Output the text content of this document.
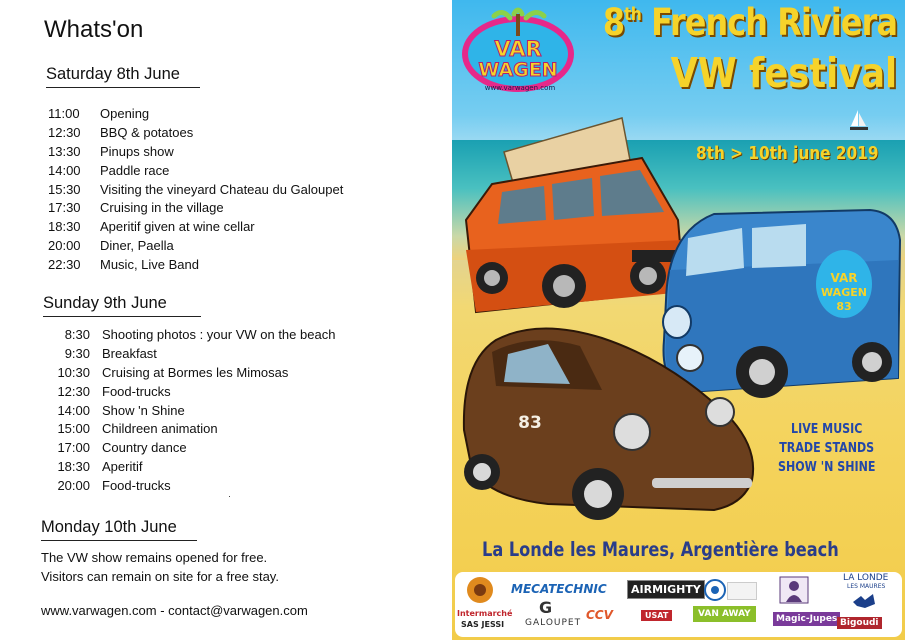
Whats'on
Saturday 8th June
11:00	Opening
12:30	BBQ & potatoes
13:30	Pinups show
14:00	Paddle race
15:30	Visiting the vineyard Chateau du Galoupet
17:30	Cruising in the village
18:30	Aperitif given at wine cellar
20:00	Diner, Paella
22:30	Music, Live Band
Sunday 9th June
8:30 Shooting photos : your VW on the beach
9:30 Breakfast
10:30 Cruising at Bormes les Mimosas
12:30 Food-trucks
14:00 Show 'n Shine
15:00 Childreen animation
17:00 Country dance
18:30 Aperitif
20:00 Food-trucks
Monday 10th June
The VW show remains opened for free.
Visitors can remain on site for a free stay.
www.varwagen.com - contact@varwagen.com
VAR
WAGEN
www.varwagen.com
8th French Riviera
VW festival
8th > 10th june 2019
VAR
WAGEN
83
83	LIVE MUSIC
TRADE STANDS
SHOW 'N SHINE
La Londe les Maures, Argentière beach
Intermarché
SAS JESSI
MECATECHNIC
G
GALOUPET
CCV
AIRMIGHTY
USAT	VAN AWAY	Magic-Jupes
LA LONDE
LES MAURES
Bigoudi
